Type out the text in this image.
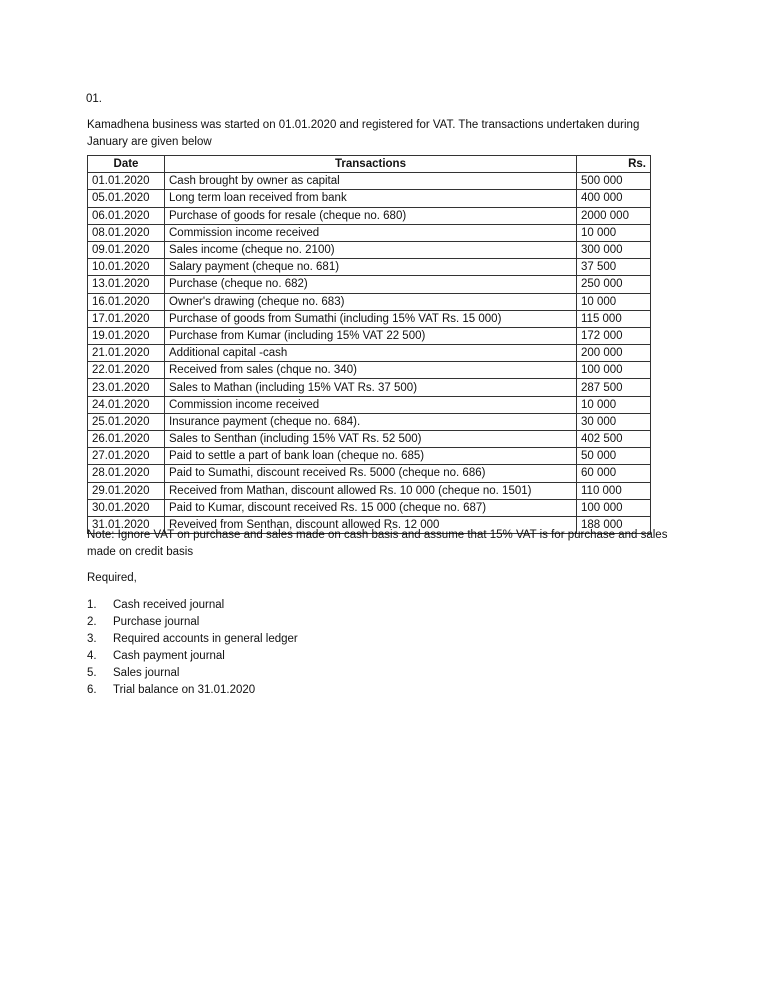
01.
Kamadhena business was started on 01.01.2020 and registered for VAT. The transactions undertaken during January are given below
Date	Transactions	Rs.
01.01.2020	Cash brought by owner as capital	500 000
05.01.2020	Long term loan received from bank	400 000
06.01.2020	Purchase of goods for resale (cheque no. 680)	2000 000
08.01.2020	Commission income received	10 000
09.01.2020	Sales income (cheque no. 2100)	300 000
10.01.2020	Salary payment (cheque no. 681)	37 500
13.01.2020	Purchase (cheque no. 682)	250 000
16.01.2020	Owner's drawing (cheque no. 683)	10 000
17.01.2020	Purchase of goods from Sumathi (including 15% VAT Rs. 15 000)	115 000
19.01.2020	Purchase from Kumar (including 15% VAT 22 500)	172 000
21.01.2020	Additional capital -cash	200 000
22.01.2020	Received from sales (chque no. 340)	100 000
23.01.2020	Sales to Mathan (including 15% VAT Rs. 37 500)	287 500
24.01.2020	Commission income received	10 000
25.01.2020	Insurance payment (cheque no. 684).	30 000
26.01.2020	Sales to Senthan (including 15% VAT Rs. 52 500)	402 500
27.01.2020	Paid to settle a part of bank loan (cheque no. 685)	50 000
28.01.2020	Paid to Sumathi, discount received Rs. 5000 (cheque no. 686)	60 000
29.01.2020	Received from Mathan, discount allowed Rs. 10 000 (cheque no. 1501)	110 000
30.01.2020	Paid to Kumar, discount received Rs. 15 000 (cheque no. 687)	100 000
31.01.2020	Reveived from Senthan, discount allowed Rs. 12 000	188 000
Note: Ignore VAT on purchase and sales made on cash basis and assume that 15% VAT is for purchase and sales made on credit basis
Required,
1. Cash received journal
2. Purchase journal
3. Required accounts in general ledger
4. Cash payment journal
5. Sales journal
6. Trial balance on 31.01.2020
